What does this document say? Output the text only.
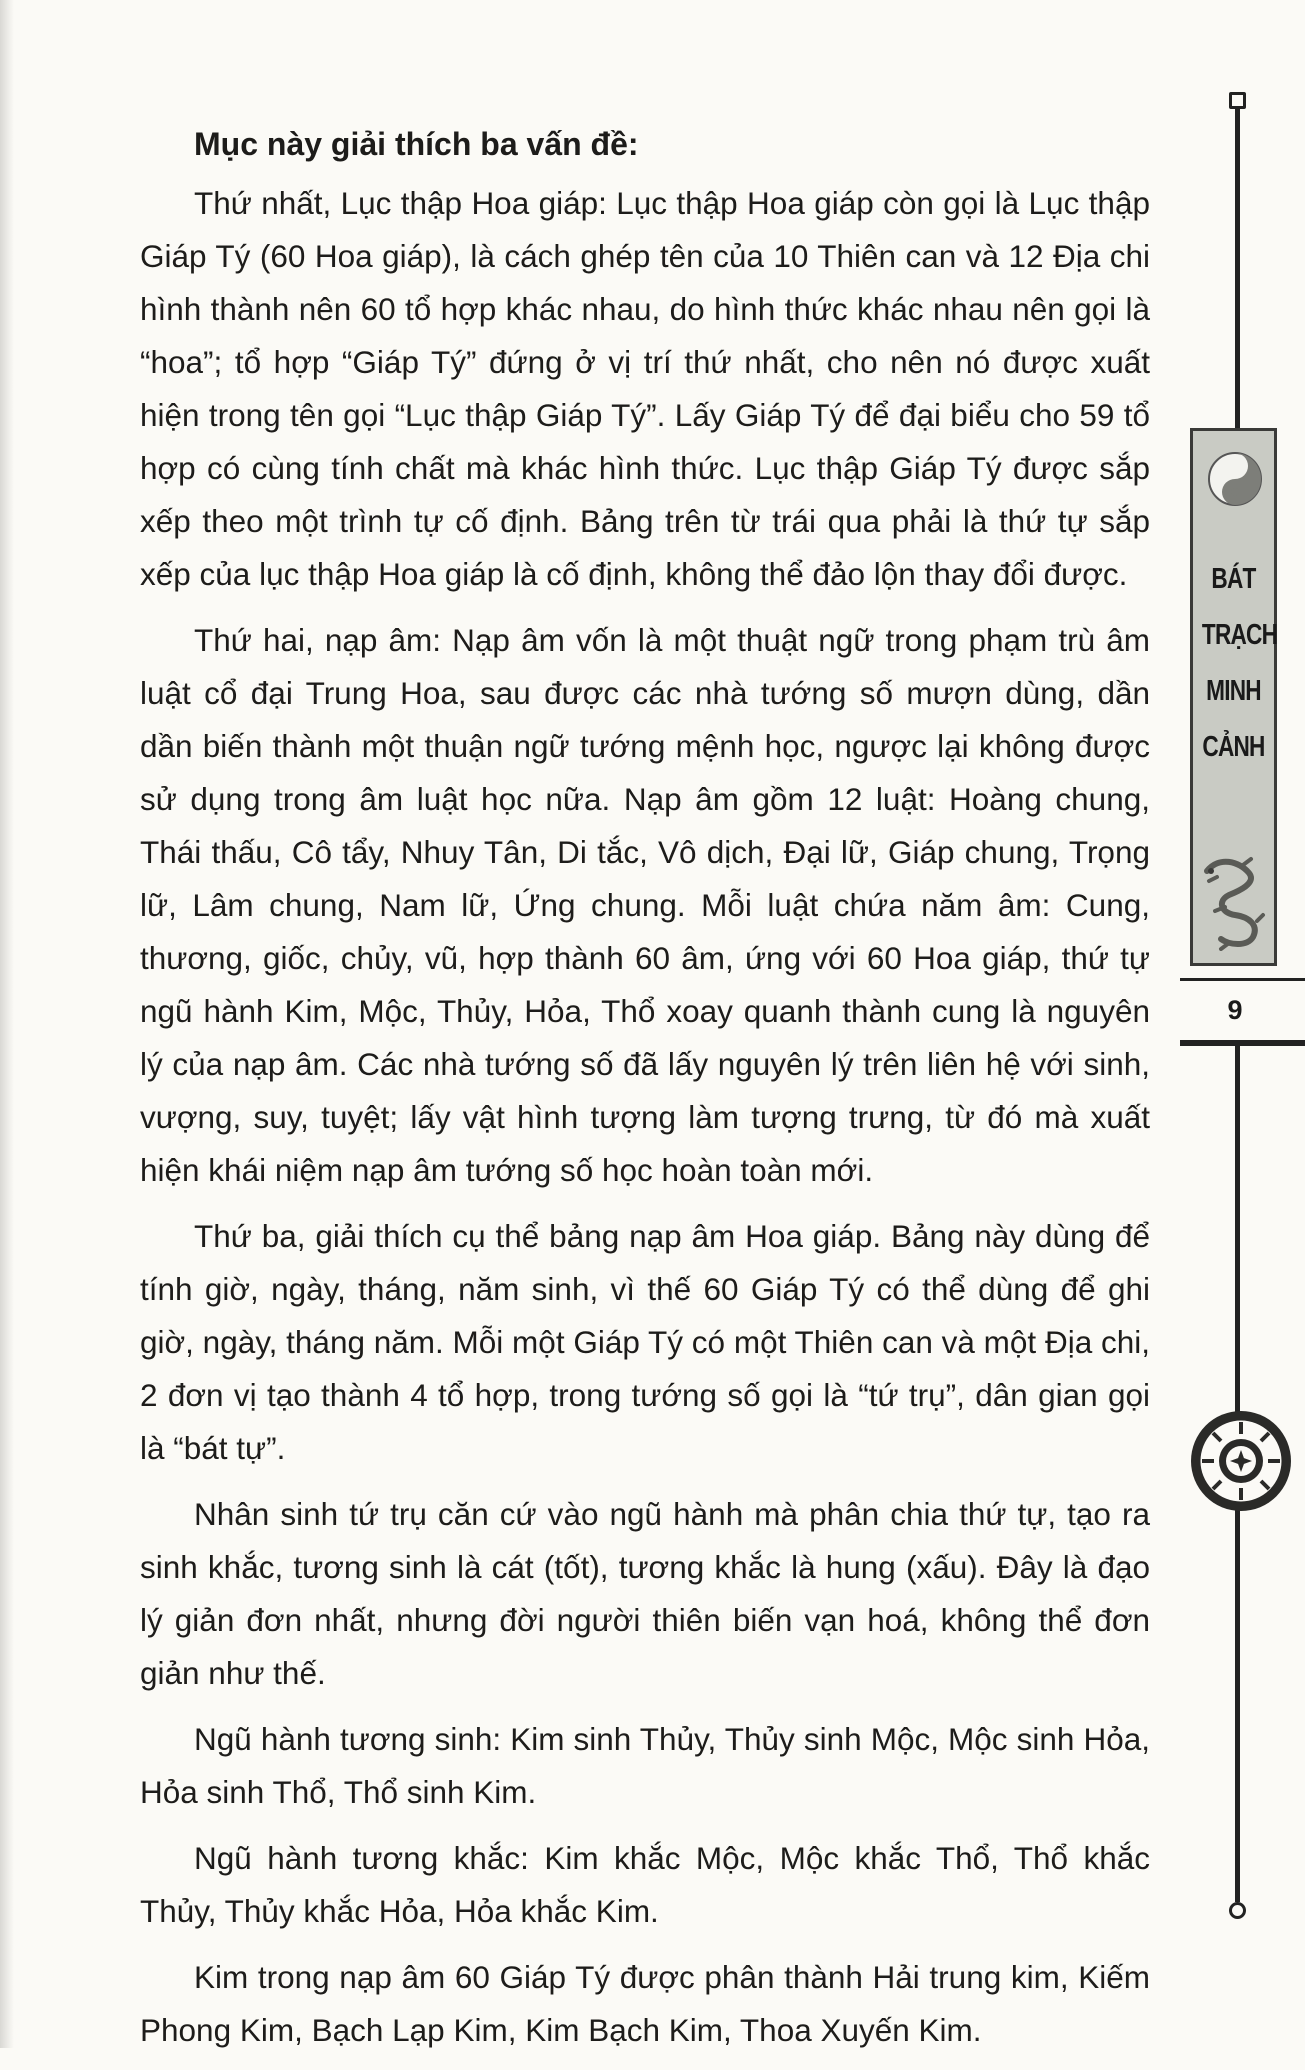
Mục này giải thích ba vấn đề:

Thứ nhất, Lục thập Hoa giáp: Lục thập Hoa giáp còn gọi là Lục thập Giáp Tý (60 Hoa giáp), là cách ghép tên của 10 Thiên can và 12 Địa chi hình thành nên 60 tổ hợp khác nhau, do hình thức khác nhau nên gọi là “hoa”; tổ hợp “Giáp Tý” đứng ở vị trí thứ nhất, cho nên nó được xuất hiện trong tên gọi “Lục thập Giáp Tý”. Lấy Giáp Tý để đại biểu cho 59 tổ hợp có cùng tính chất mà khác hình thức. Lục thập Giáp Tý được sắp xếp theo một trình tự cố định. Bảng trên từ trái qua phải là thứ tự sắp xếp của lục thập Hoa giáp là cố định, không thể đảo lộn thay đổi được.

Thứ hai, nạp âm: Nạp âm vốn là một thuật ngữ trong phạm trù âm luật cổ đại Trung Hoa, sau được các nhà tướng số mượn dùng, dần dần biến thành một thuận ngữ tướng mệnh học, ngược lại không được sử dụng trong âm luật học nữa. Nạp âm gồm 12 luật: Hoàng chung, Thái thấu, Cô tẩy, Nhuy Tân, Di tắc, Vô dịch, Đại lữ, Giáp chung, Trọng lữ, Lâm chung, Nam lữ, Ứng chung. Mỗi luật chứa năm âm: Cung, thương, giốc, chủy, vũ, hợp thành 60 âm, ứng với 60 Hoa giáp, thứ tự ngũ hành Kim, Mộc, Thủy, Hỏa, Thổ xoay quanh thành cung là nguyên lý của nạp âm. Các nhà tướng số đã lấy nguyên lý trên liên hệ với sinh, vượng, suy, tuyệt; lấy vật hình tượng làm tượng trưng, từ đó mà xuất hiện khái niệm nạp âm tướng số học hoàn toàn mới.

Thứ ba, giải thích cụ thể bảng nạp âm Hoa giáp. Bảng này dùng để tính giờ, ngày, tháng, năm sinh, vì thế 60 Giáp Tý có thể dùng để ghi giờ, ngày, tháng năm. Mỗi một Giáp Tý có một Thiên can và một Địa chi, 2 đơn vị tạo thành 4 tổ hợp, trong tướng số gọi là “tứ trụ”, dân gian gọi là “bát tự”.

Nhân sinh tứ trụ căn cứ vào ngũ hành mà phân chia thứ tự, tạo ra sinh khắc, tương sinh là cát (tốt), tương khắc là hung (xấu). Đây là đạo lý giản đơn nhất, nhưng đời người thiên biến vạn hoá, không thể đơn giản như thế.

Ngũ hành tương sinh: Kim sinh Thủy, Thủy sinh Mộc, Mộc sinh Hỏa, Hỏa sinh Thổ, Thổ sinh Kim.

Ngũ hành tương khắc: Kim khắc Mộc, Mộc khắc Thổ, Thổ khắc Thủy, Thủy khắc Hỏa, Hỏa khắc Kim.

Kim trong nạp âm 60 Giáp Tý được phân thành Hải trung kim, Kiếm Phong Kim, Bạch Lạp Kim, Kim Bạch Kim, Thoa Xuyến Kim.

BÁT
TRẠCH
MINH
CẢNH
9
